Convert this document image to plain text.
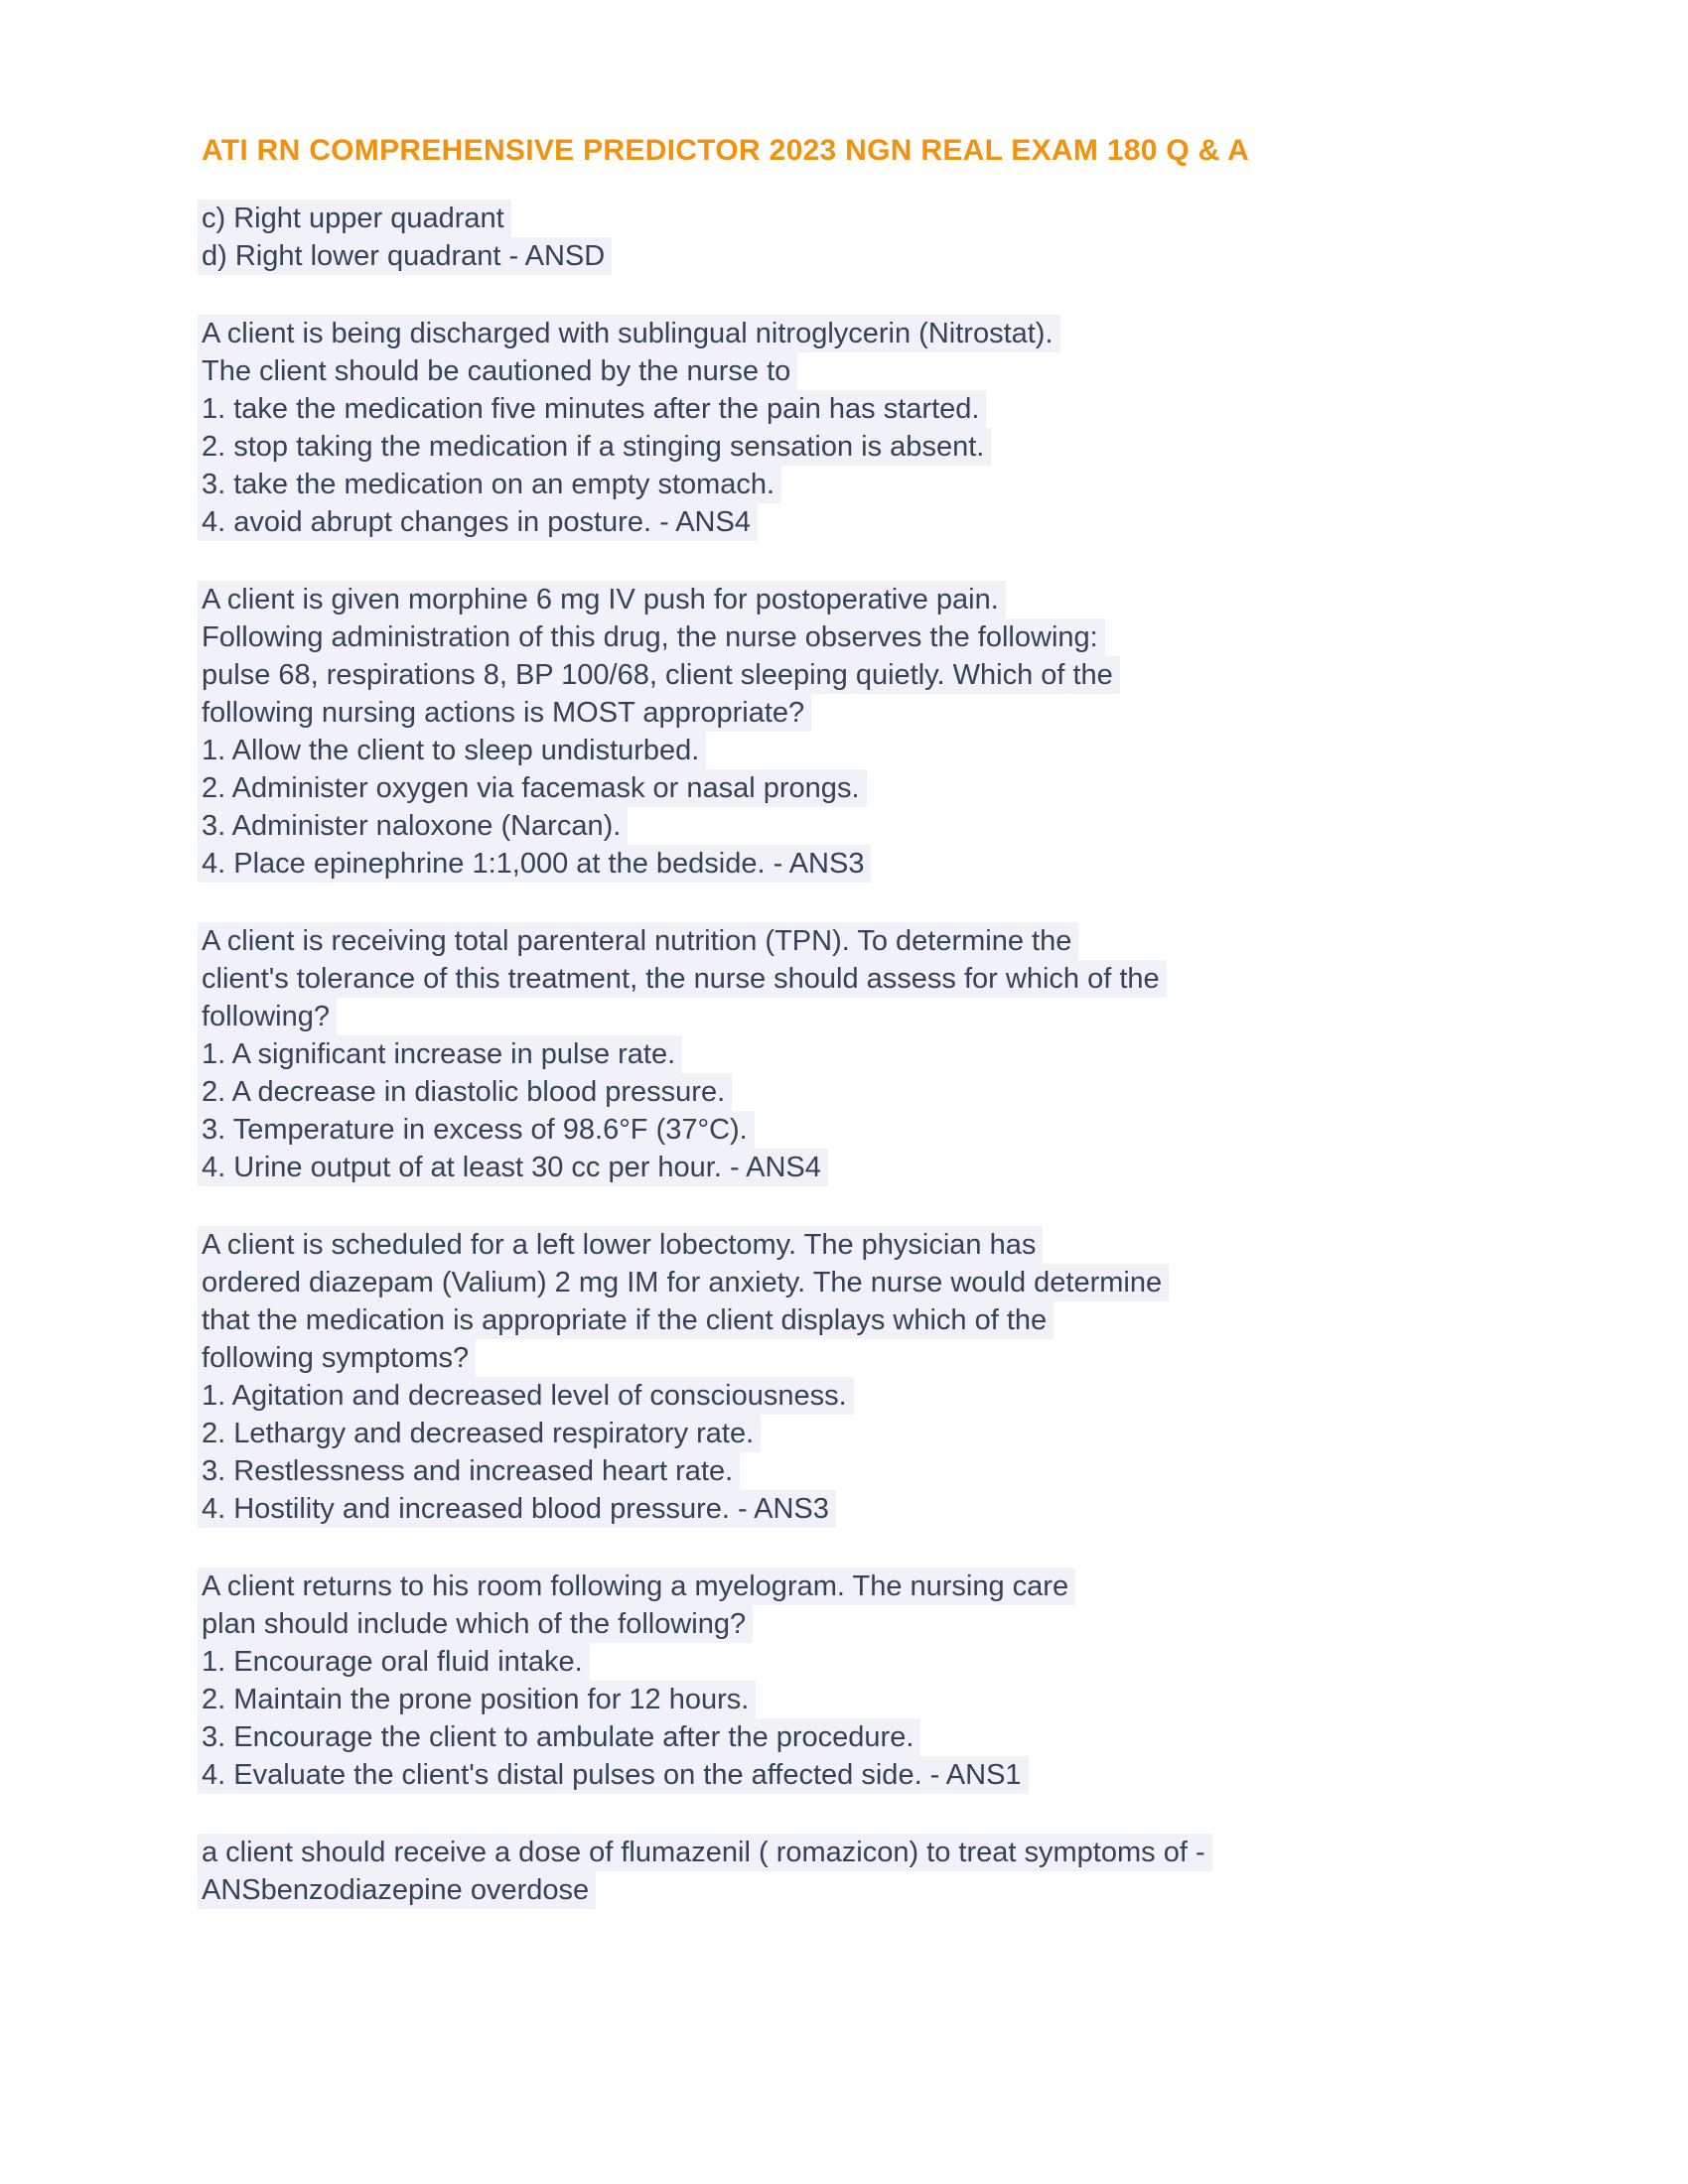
ATI RN COMPREHENSIVE PREDICTOR 2023 NGN REAL EXAM 180 Q & A
c) Right upper quadrant
d) Right lower quadrant - ANSD
A client is being discharged with sublingual nitroglycerin (Nitrostat).
The client should be cautioned by the nurse to
1. take the medication five minutes after the pain has started.
2. stop taking the medication if a stinging sensation is absent.
3. take the medication on an empty stomach.
4. avoid abrupt changes in posture. - ANS4
A client is given morphine 6 mg IV push for postoperative pain.
Following administration of this drug, the nurse observes the following:
pulse 68, respirations 8, BP 100/68, client sleeping quietly. Which of the
following nursing actions is MOST appropriate?
1. Allow the client to sleep undisturbed.
2. Administer oxygen via facemask or nasal prongs.
3. Administer naloxone (Narcan).
4. Place epinephrine 1:1,000 at the bedside. - ANS3
A client is receiving total parenteral nutrition (TPN). To determine the
client's tolerance of this treatment, the nurse should assess for which of the
following?
1. A significant increase in pulse rate.
2. A decrease in diastolic blood pressure.
3. Temperature in excess of 98.6°F (37°C).
4. Urine output of at least 30 cc per hour. - ANS4
A client is scheduled for a left lower lobectomy. The physician has
ordered diazepam (Valium) 2 mg IM for anxiety. The nurse would determine
that the medication is appropriate if the client displays which of the
following symptoms?
1. Agitation and decreased level of consciousness.
2. Lethargy and decreased respiratory rate.
3. Restlessness and increased heart rate.
4. Hostility and increased blood pressure. - ANS3
A client returns to his room following a myelogram. The nursing care
plan should include which of the following?
1. Encourage oral fluid intake.
2. Maintain the prone position for 12 hours.
3. Encourage the client to ambulate after the procedure.
4. Evaluate the client's distal pulses on the affected side. - ANS1
a client should receive a dose of flumazenil ( romazicon) to treat symptoms of -
ANSbenzodiazepine overdose
